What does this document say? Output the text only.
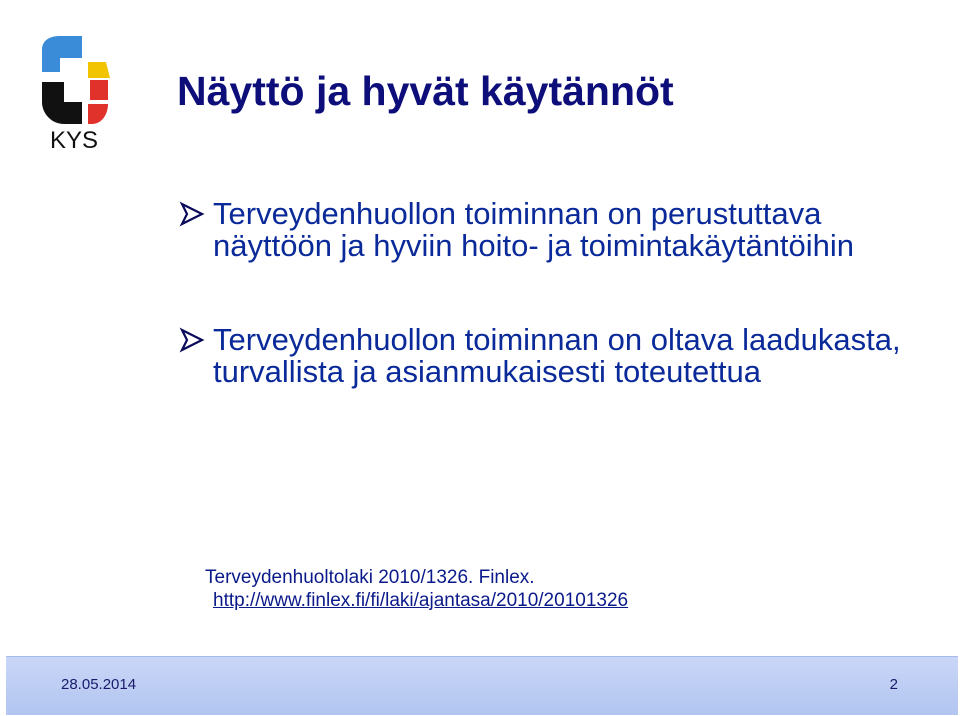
KYS
Näyttö ja hyvät käytännöt
Terveydenhuollon toiminnan on perustuttava näyttöön ja hyviin hoito- ja toimintakäytäntöihin
Terveydenhuollon toiminnan on oltava laadukasta, turvallista ja asianmukaisesti toteutettua
Terveydenhuoltolaki 2010/1326. Finlex.
http://www.finlex.fi/fi/laki/ajantasa/2010/20101326
28.05.2014	2
